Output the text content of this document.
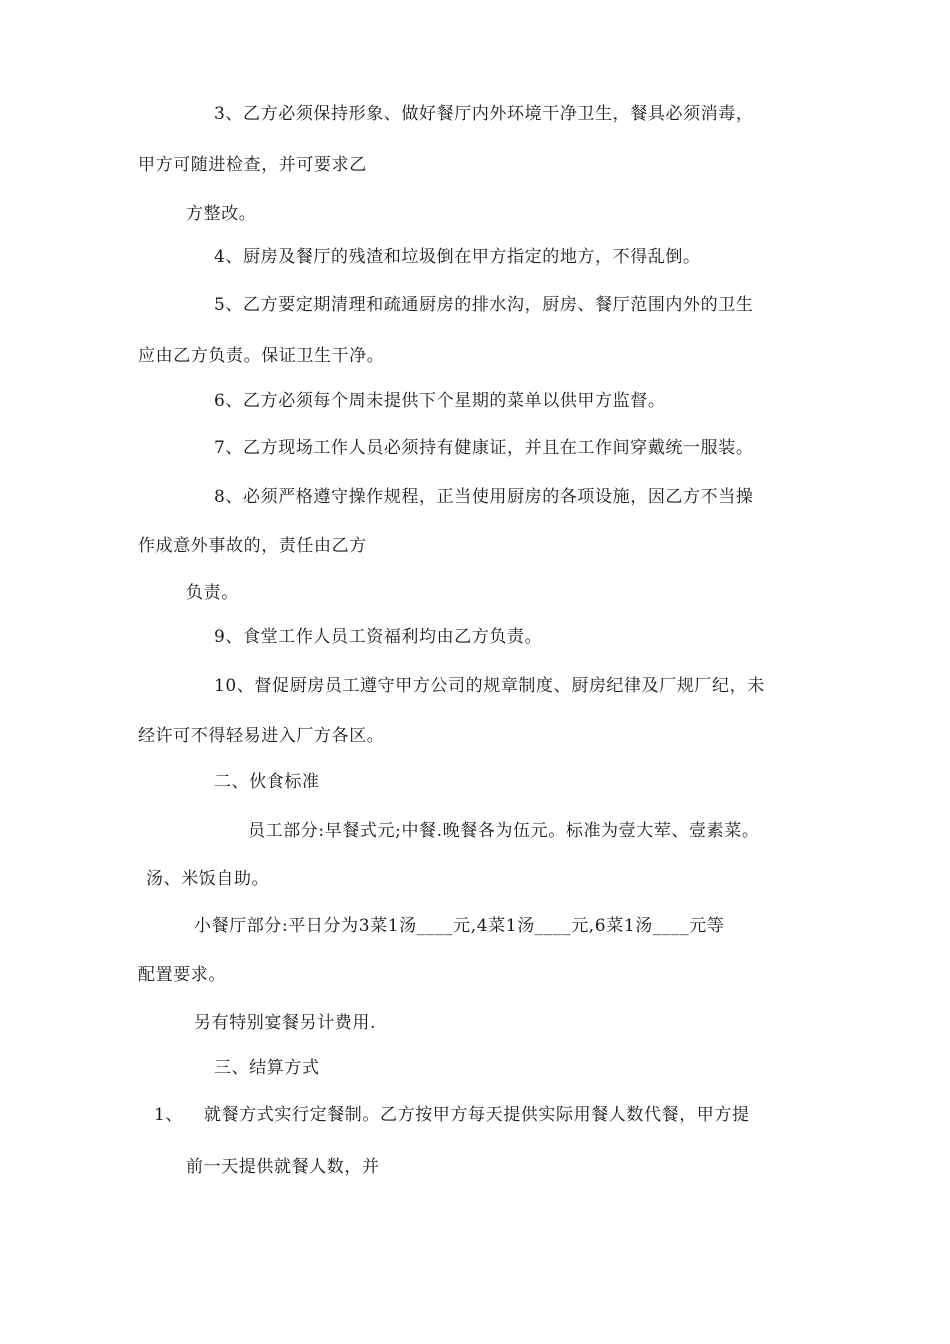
3、乙方必须保持形象、做好餐厅内外环境干净卫生，餐具必须消毒，
甲方可随进检查，并可要求乙
方整改。
4、厨房及餐厅的残渣和垃圾倒在甲方指定的地方，不得乱倒。
5、乙方要定期清理和疏通厨房的排水沟，厨房、餐厅范围内外的卫生
应由乙方负责。保证卫生干净。
6、乙方必须每个周未提供下个星期的菜单以供甲方监督。
7、乙方现场工作人员必须持有健康证，并且在工作间穿戴统一服装。
8、必须严格遵守操作规程，正当使用厨房的各项设施，因乙方不当操
作成意外事故的，责任由乙方
负责。
9、食堂工作人员工资福利均由乙方负责。
10、督促厨房员工遵守甲方公司的规章制度、厨房纪律及厂规厂纪，未
经许可不得轻易进入厂方各区。
二、伙食标准
员工部分:早餐式元;中餐.晚餐各为伍元。标准为壹大荤、壹素菜。
汤、米饭自助。
小餐厅部分:平日分为3菜1汤____元,4菜1汤____元,6菜1汤____元等
配置要求。
另有特别宴餐另计费用.
三、结算方式
1、 就餐方式实行定餐制。乙方按甲方每天提供实际用餐人数代餐，甲方提
前一天提供就餐人数，并
